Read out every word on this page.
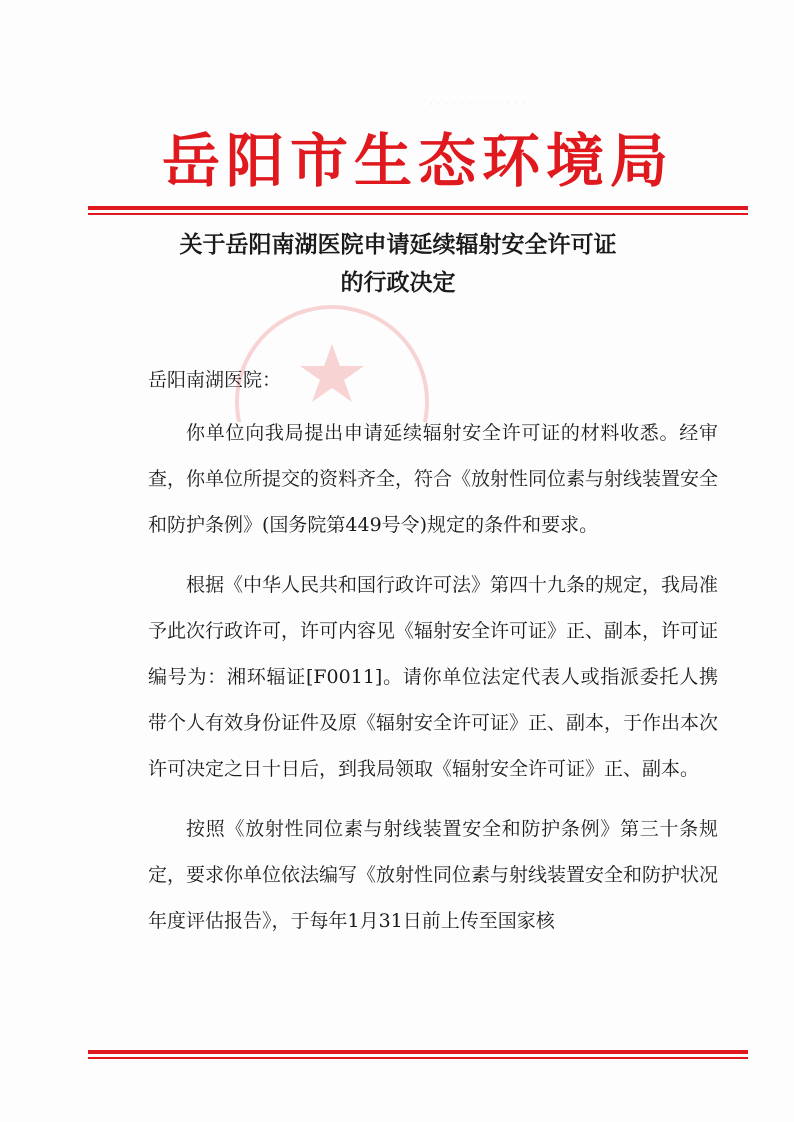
· · · · · · · · · · · · ·
岳阳市生态环境局
关于岳阳南湖医院申请延续辐射安全许可证
的行政决定
岳阳南湖医院：

你单位向我局提出申请延续辐射安全许可证的材料收悉。经审查，你单位所提交的资料齐全，符合《放射性同位素与射线装置安全和防护条例》(国务院第449号令)规定的条件和要求。

根据《中华人民共和国行政许可法》第四十九条的规定，我局准予此次行政许可，许可内容见《辐射安全许可证》正、副本，许可证编号为：湘环辐证[F0011]。请你单位法定代表人或指派委托人携带个人有效身份证件及原《辐射安全许可证》正、副本，于作出本次许可决定之日十日后，到我局领取《辐射安全许可证》正、副本。

按照《放射性同位素与射线装置安全和防护条例》第三十条规定，要求你单位依法编写《放射性同位素与射线装置安全和防护状况年度评估报告》，于每年1月31日前上传至国家核
